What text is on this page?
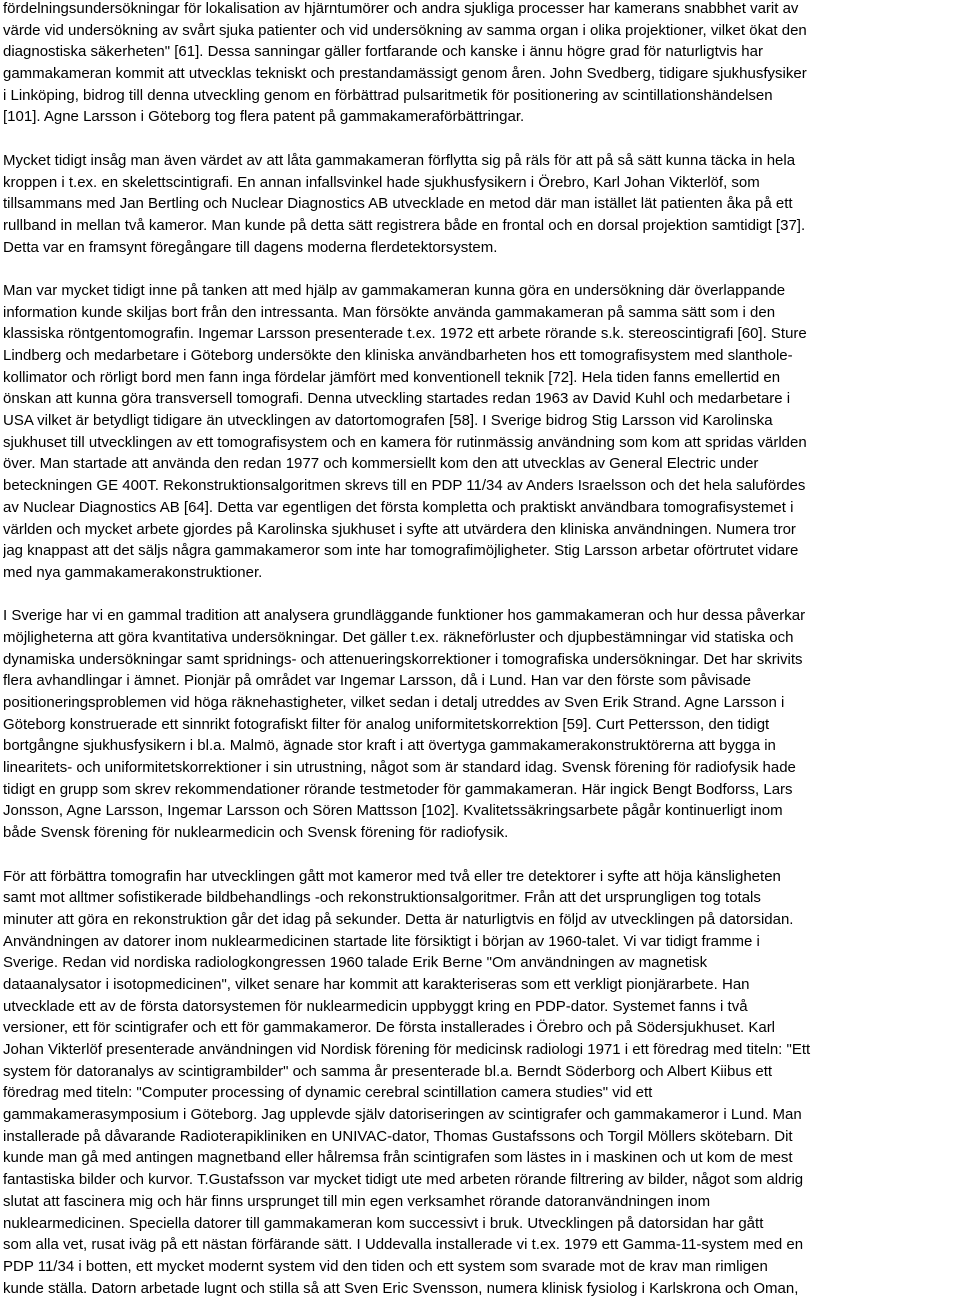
fördelningsundersökningar för lokalisation av hjärntumörer och andra sjukliga processer har kamerans snabbhet varit av
värde vid undersökning av svårt sjuka patienter och vid undersökning av samma organ i olika projektioner, vilket ökat den
diagnostiska säkerheten" [61]. Dessa sanningar gäller fortfarande och kanske i ännu högre grad för naturligtvis har
gammakameran kommit att utvecklas tekniskt och prestandamässigt genom åren. John Svedberg, tidigare sjukhusfysiker
i Linköping, bidrog till denna utveckling genom en förbättrad pulsaritmetik för positionering av scintillationshändelsen
[101]. Agne Larsson i Göteborg tog flera patent på gammakameraförbättringar.
Mycket tidigt insåg man även värdet av att låta gammakameran förflytta sig på räls för att på så sätt kunna täcka in hela
kroppen i t.ex. en skelettscintigrafi. En annan infallsvinkel hade sjukhusfysikern i Örebro, Karl Johan Vikterlöf, som
tillsammans med Jan Bertling och Nuclear Diagnostics AB utvecklade en metod där man istället lät patienten åka på ett
rullband in mellan två kameror. Man kunde på detta sätt registrera både en frontal och en dorsal projektion samtidigt [37].
Detta var en framsynt föregångare till dagens moderna flerdetektorsystem.
Man var mycket tidigt inne på tanken att med hjälp av gammakameran kunna göra en undersökning där överlappande
information kunde skiljas bort från den intressanta. Man försökte använda gammakameran på samma sätt som i den
klassiska röntgentomografin. Ingemar Larsson presenterade t.ex. 1972 ett arbete rörande s.k. stereoscintigrafi [60]. Sture
Lindberg och medarbetare i Göteborg undersökte den kliniska användbarheten hos ett tomografisystem med slanthole-
kollimator och rörligt bord men fann inga fördelar jämfört med konventionell teknik [72]. Hela tiden fanns emellertid en
önskan att kunna göra transversell tomografi. Denna utveckling startades redan 1963 av David Kuhl och medarbetare i
USA vilket är betydligt tidigare än utvecklingen av datortomografen [58]. I Sverige bidrog Stig Larsson vid Karolinska
sjukhuset till utvecklingen av ett tomografisystem och en kamera för rutinmässig användning som kom att spridas världen
över. Man startade att använda den redan 1977 och kommersiellt kom den att utvecklas av General Electric under
beteckningen GE 400T. Rekonstruktionsalgoritmen skrevs till en PDP 11/34 av Anders Israelsson och det hela salufördes
av Nuclear Diagnostics AB [64]. Detta var egentligen det första kompletta och praktiskt användbara tomografisystemet i
världen och mycket arbete gjordes på Karolinska sjukhuset i syfte att utvärdera den kliniska användningen. Numera tror
jag knappast att det säljs några gammakameror som inte har tomografimöjligheter. Stig Larsson arbetar oförtrutet vidare
med nya gammakamerakonstruktioner.
I Sverige har vi en gammal tradition att analysera grundläggande funktioner hos gammakameran och hur dessa påverkar
möjligheterna att göra kvantitativa undersökningar. Det gäller t.ex. räkneförluster och djupbestämningar vid statiska och
dynamiska undersökningar samt spridnings- och attenueringskorrektioner i tomografiska undersökningar. Det har skrivits
flera avhandlingar i ämnet. Pionjär på området var Ingemar Larsson, då i Lund. Han var den förste som påvisade
positioneringsproblemen vid höga räknehastigheter, vilket sedan i detalj utreddes av Sven Erik Strand. Agne Larsson i
Göteborg konstruerade ett sinnrikt fotografiskt filter för analog uniformitetskorrektion [59]. Curt Pettersson, den tidigt
bortgångne sjukhusfysikern i bl.a. Malmö, ägnade stor kraft i att övertyga gammakamerakonstruktörerna att bygga in
linearitets- och uniformitetskorrektioner i sin utrustning, något som är standard idag. Svensk förening för radiofysik hade
tidigt en grupp som skrev rekommendationer rörande testmetoder för gammakameran. Här ingick Bengt Bodforss, Lars
Jonsson, Agne Larsson, Ingemar Larsson och Sören Mattsson [102]. Kvalitetssäkringsarbete pågår kontinuerligt inom
både Svensk förening för nuklearmedicin och Svensk förening för radiofysik.
För att förbättra tomografin har utvecklingen gått mot kameror med två eller tre detektorer i syfte att höja känsligheten
samt mot alltmer sofistikerade bildbehandlings -och rekonstruktionsalgoritmer. Från att det ursprungligen tog totals
minuter att göra en rekonstruktion går det idag på sekunder. Detta är naturligtvis en följd av utvecklingen på datorsidan.
Användningen av datorer inom nuklearmedicinen startade lite försiktigt i början av 1960-talet. Vi var tidigt framme i
Sverige. Redan vid nordiska radiologkongressen 1960 talade Erik Berne "Om användningen av magnetisk
dataanalysator i isotopmedicinen", vilket senare har kommit att karakteriseras som ett verkligt pionjärarbete. Han
utvecklade ett av de första datorsystemen för nuklearmedicin uppbyggt kring en PDP-dator. Systemet fanns i två
versioner, ett för scintigrafer och ett för gammakameror. De första installerades i Örebro och på Södersjukhuset. Karl
Johan Vikterlöf presenterade användningen vid Nordisk förening för medicinsk radiologi 1971 i ett föredrag med titeln: "Ett
system för datoranalys av scintigrambilder" och samma år presenterade bl.a. Berndt Söderborg och Albert Kiibus ett
föredrag med titeln: "Computer processing of dynamic cerebral scintillation camera studies" vid ett
gammakamerasymposium i Göteborg. Jag upplevde själv datoriseringen av scintigrafer och gammakameror i Lund. Man
installerade på dåvarande Radioterapikliniken en UNIVAC-dator, Thomas Gustafssons och Torgil Möllers skötebarn. Dit
kunde man gå med antingen magnetband eller hålremsa från scintigrafen som lästes in i maskinen och ut kom de mest
fantastiska bilder och kurvor. T.Gustafsson var mycket tidigt ute med arbeten rörande filtrering av bilder, något som aldrig
slutat att fascinera mig och här finns ursprunget till min egen verksamhet rörande datoranvändningen inom
nuklearmedicinen. Speciella datorer till gammakameran kom successivt i bruk. Utvecklingen på datorsidan har gått
som alla vet, rusat iväg på ett nästan förfärande sätt. I Uddevalla installerade vi t.ex. 1979 ett Gamma-11-system med en
PDP 11/34 i botten, ett mycket modernt system vid den tiden och ett system som svarade mot de krav man rimligen
kunde ställa. Datorn arbetade lugnt och stilla så att Sven Eric Svensson, numera klinisk fysiolog i Karlskrona och Oman,
